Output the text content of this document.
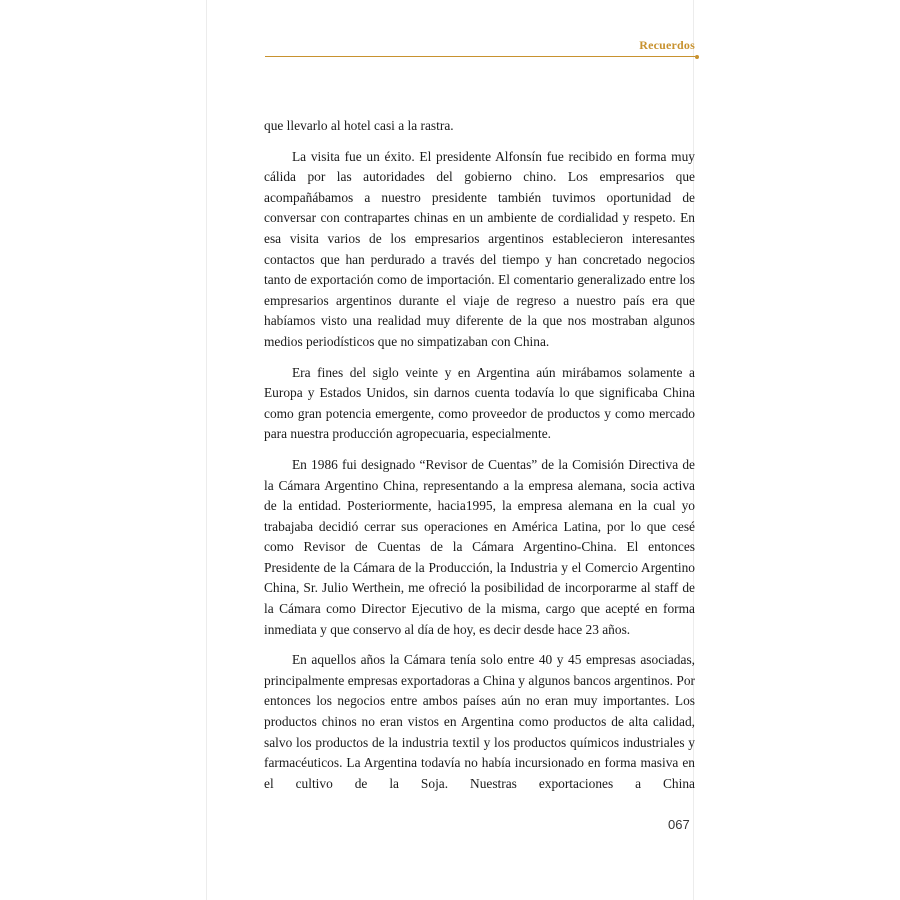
Recuerdos

que llevarlo al hotel casi a la rastra.

La visita fue un éxito. El presidente Alfonsín fue recibido en forma muy cálida por las autoridades del gobierno chino. Los empresarios que acompañábamos a nuestro presidente también tuvimos oportunidad de conversar con contrapartes chinas en un ambiente de cordialidad y respeto. En esa visita varios de los empresarios argentinos establecieron interesantes contactos que han perdurado a través del tiempo y han concretado negocios tanto de exportación como de importación. El comentario generalizado entre los empresarios argentinos durante el viaje de regreso a nuestro país era que habíamos visto una realidad muy diferente de la que nos mostraban algunos medios periodísticos que no simpatizaban con China.

Era fines del siglo veinte y en Argentina aún mirábamos solamente a Europa y Estados Unidos, sin darnos cuenta todavía lo que significaba China como gran potencia emergente, como proveedor de productos y como mercado para nuestra producción agropecuaria, especialmente.

En 1986 fui designado “Revisor de Cuentas” de la Comisión Directiva de la Cámara Argentino China, representando a la empresa alemana, socia activa de la entidad. Posteriormente, hacia1995, la empresa alemana en la cual yo trabajaba decidió cerrar sus operaciones en América Latina, por lo que cesé como Revisor de Cuentas de la Cámara Argentino-China. El entonces Presidente de la Cámara de la Producción, la Industria y el Comercio Argentino China, Sr. Julio Werthein, me ofreció la posibilidad de incorporarme al staff de la Cámara como Director Ejecutivo de la misma, cargo que acepté en forma inmediata y que conservo al día de hoy, es decir desde hace 23 años.

En aquellos años la Cámara tenía solo entre 40 y 45 empresas asociadas, principalmente empresas exportadoras a China y algunos bancos argentinos. Por entonces los negocios entre ambos países aún no eran muy importantes. Los productos chinos no eran vistos en Argentina como productos de alta calidad, salvo los productos de la industria textil y los productos químicos industriales y farmacéuticos. La Argentina todavía no había incursionado en forma masiva en el cultivo de la Soja. Nuestras exportaciones a China

067
